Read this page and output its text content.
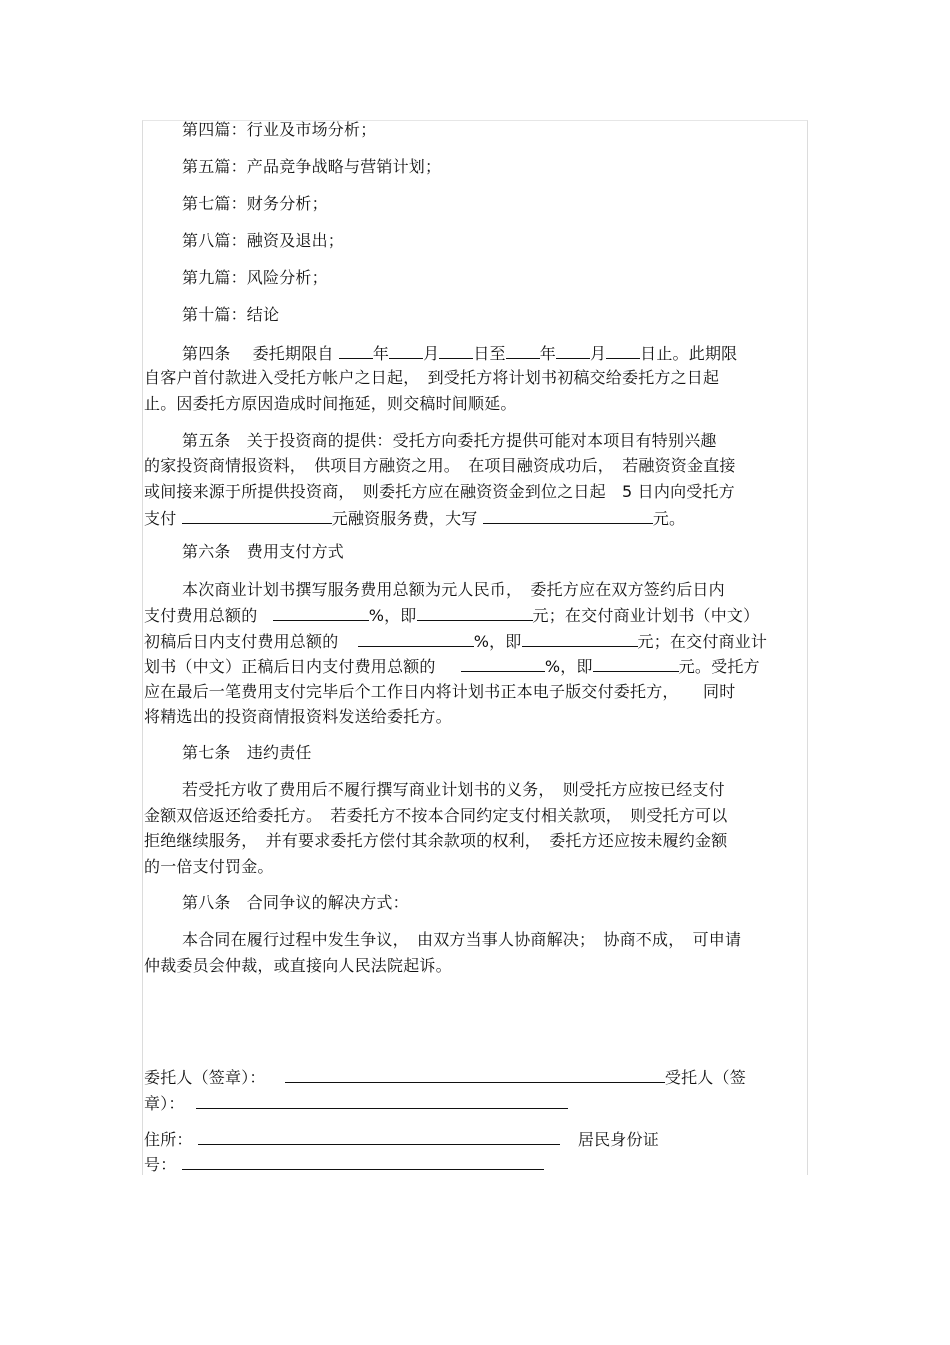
第四篇：行业及市场分析；
第五篇：产品竞争战略与营销计划；
第七篇：财务分析；
第八篇：融资及退出；
第九篇：风险分析；
第十篇：结论
第四条 委托期限自 年 月 日至 年 月 日止。此期限
自客户首付款进入受托方帐户之日起，　到受托方将计划书初稿交给委托方之日起
止。因委托方原因造成时间拖延，则交稿时间顺延。
第五条　关于投资商的提供：受托方向委托方提供可能对本项目有特别兴趣
的家投资商情报资料，　供项目方融资之用。　在项目融资成功后，　若融资资金直接
或间接来源于所提供投资商，　则委托方应在融资资金到位之日起　5 日内向受托方
支付	元融资服务费，大写	元。
第六条　费用支付方式
本次商业计划书撰写服务费用总额为元人民币，　委托方应在双方签约后日内
支付费用总额的	%，即	元；在交付商业计划书（中文）
初稿后日内支付费用总额的	%，即	元；在交付商业计
划书（中文）正稿后日内支付费用总额的	%，即	元。受托方
应在最后一笔费用支付完毕后个工作日内将计划书正本电子版交付委托方，　　同时
将精选出的投资商情报资料发送给委托方。
第七条　违约责任
若受托方收了费用后不履行撰写商业计划书的义务，　则受托方应按已经支付
金额双倍返还给委托方。　若委托方不按本合同约定支付相关款项，　则受托方可以
拒绝继续服务，　并有要求委托方偿付其余款项的权利，　委托方还应按未履约金额
的一倍支付罚金。
第八条　合同争议的解决方式：
本合同在履行过程中发生争议，　由双方当事人协商解决；　协商不成，　可申请
仲裁委员会仲裁，或直接向人民法院起诉。
委托人（签章）：	受托人（签
章）：
住所：	居民身份证
号：
